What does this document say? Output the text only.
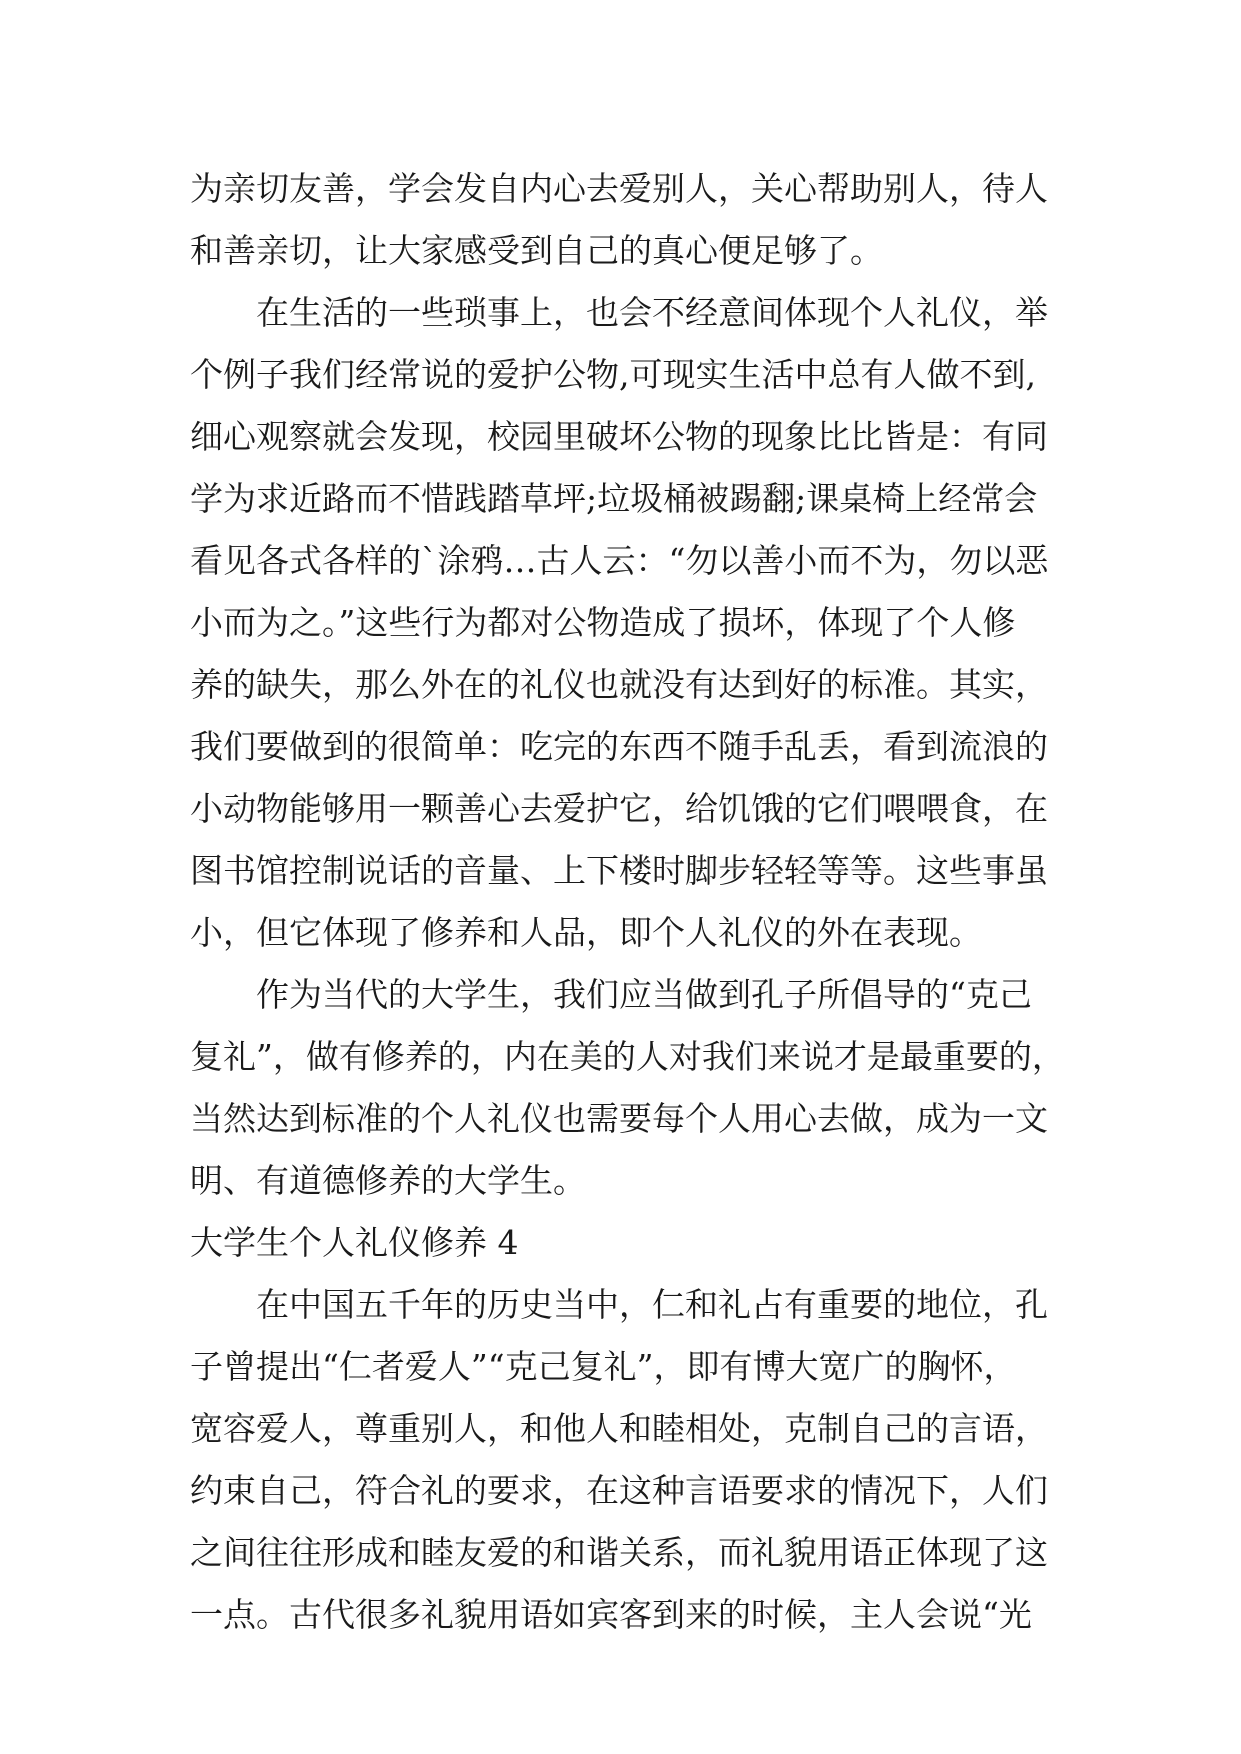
为亲切友善，学会发自内心去爱别人，关心帮助别人，待人
和善亲切，让大家感受到自己的真心便足够了。
在生活的一些琐事上，也会不经意间体现个人礼仪，举
个例子我们经常说的爱护公物,可现实生活中总有人做不到,
细心观察就会发现，校园里破坏公物的现象比比皆是：有同
学为求近路而不惜践踏草坪;垃圾桶被踢翻;课桌椅上经常会
看见各式各样的`涂鸦…古人云：“勿以善小而不为，勿以恶
小而为之。”这些行为都对公物造成了损坏，体现了个人修
养的缺失，那么外在的礼仪也就没有达到好的标准。其实，
我们要做到的很简单：吃完的东西不随手乱丢，看到流浪的
小动物能够用一颗善心去爱护它，给饥饿的它们喂喂食，在
图书馆控制说话的音量、上下楼时脚步轻轻等等。这些事虽
小，但它体现了修养和人品，即个人礼仪的外在表现。
作为当代的大学生，我们应当做到孔子所倡导的“克己
复礼”，做有修养的，内在美的人对我们来说才是最重要的，
当然达到标准的个人礼仪也需要每个人用心去做，成为一文
明、有道德修养的大学生。
大学生个人礼仪修养 4
在中国五千年的历史当中，仁和礼占有重要的地位，孔
子曾提出“仁者爱人”“克己复礼”，即有博大宽广的胸怀，
宽容爱人，尊重别人，和他人和睦相处，克制自己的言语，
约束自己，符合礼的要求，在这种言语要求的情况下，人们
之间往往形成和睦友爱的和谐关系，而礼貌用语正体现了这
一点。古代很多礼貌用语如宾客到来的时候，主人会说“光
